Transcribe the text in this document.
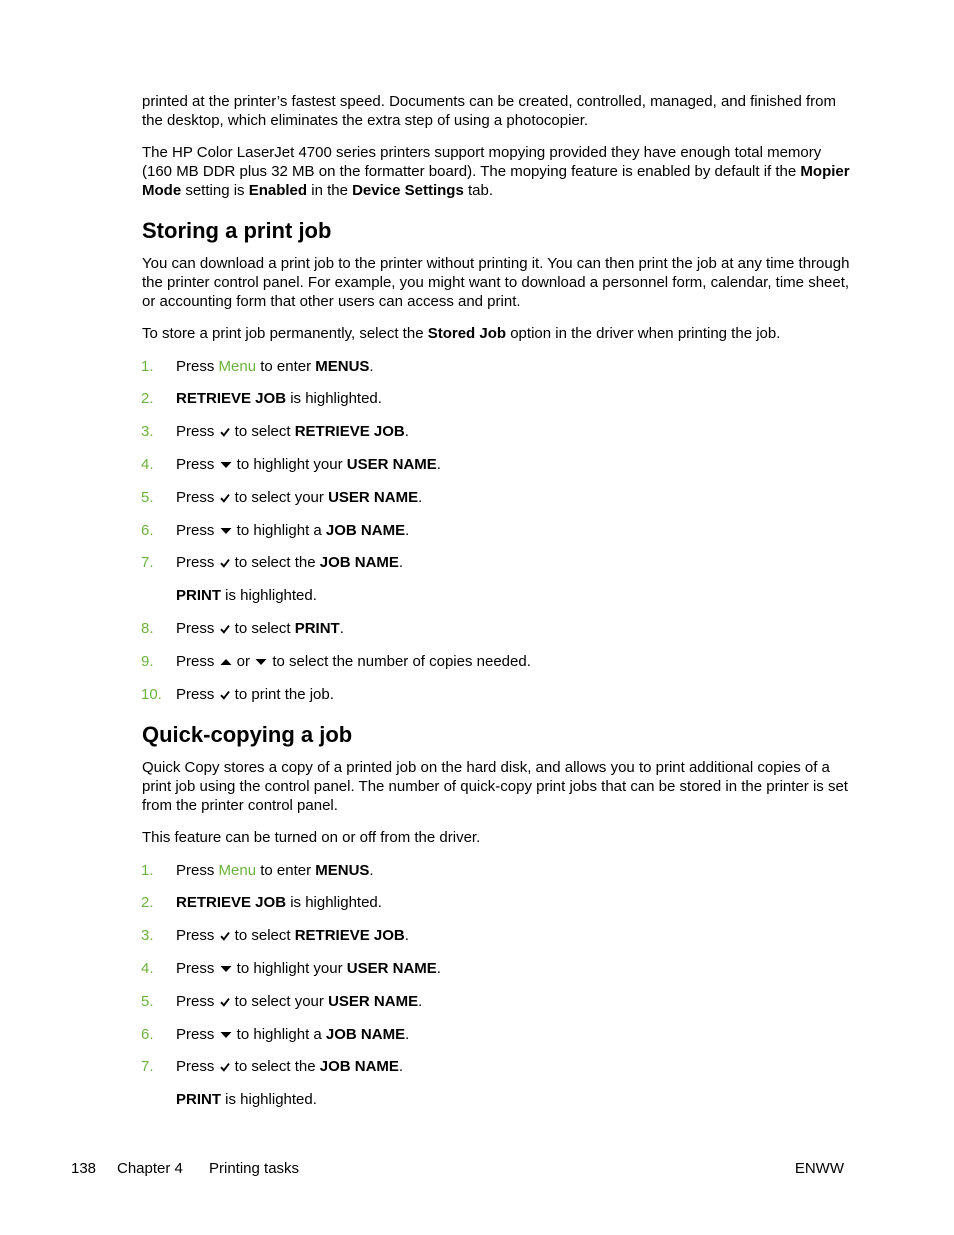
printed at the printer’s fastest speed. Documents can be created, controlled, managed, and finished from the desktop, which eliminates the extra step of using a photocopier.

The HP Color LaserJet 4700 series printers support mopying provided they have enough total memory (160 MB DDR plus 32 MB on the formatter board). The mopying feature is enabled by default if the Mopier Mode setting is Enabled in the Device Settings tab.

Storing a print job

You can download a print job to the printer without printing it. You can then print the job at any time through the printer control panel. For example, you might want to download a personnel form, calendar, time sheet, or accounting form that other users can access and print.

To store a print job permanently, select the Stored Job option in the driver when printing the job.

1. Press Menu to enter MENUS.
2. RETRIEVE JOB is highlighted.
3. Press
to select RETRIEVE JOB.
4. Press
to highlight your USER NAME.
5. Press
to select your USER NAME.
6. Press
to highlight a JOB NAME.
7. Press
to select the JOB NAME.
PRINT is highlighted.
8. Press
to select PRINT.
9. Press
or
to select the number of copies needed.
10. Press
to print the job.
Quick-copying a job

Quick Copy stores a copy of a printed job on the hard disk, and allows you to print additional copies of a print job using the control panel. The number of quick-copy print jobs that can be stored in the printer is set from the printer control panel.

This feature can be turned on or off from the driver.

1. Press Menu to enter MENUS.
2. RETRIEVE JOB is highlighted.
3. Press
to select RETRIEVE JOB.
4. Press
to highlight your USER NAME.
5. Press
to select your USER NAME.
6. Press
to highlight a JOB NAME.
7. Press
to select the JOB NAME.
PRINT is highlighted.
138 Chapter 4 Printing tasks	ENWW
